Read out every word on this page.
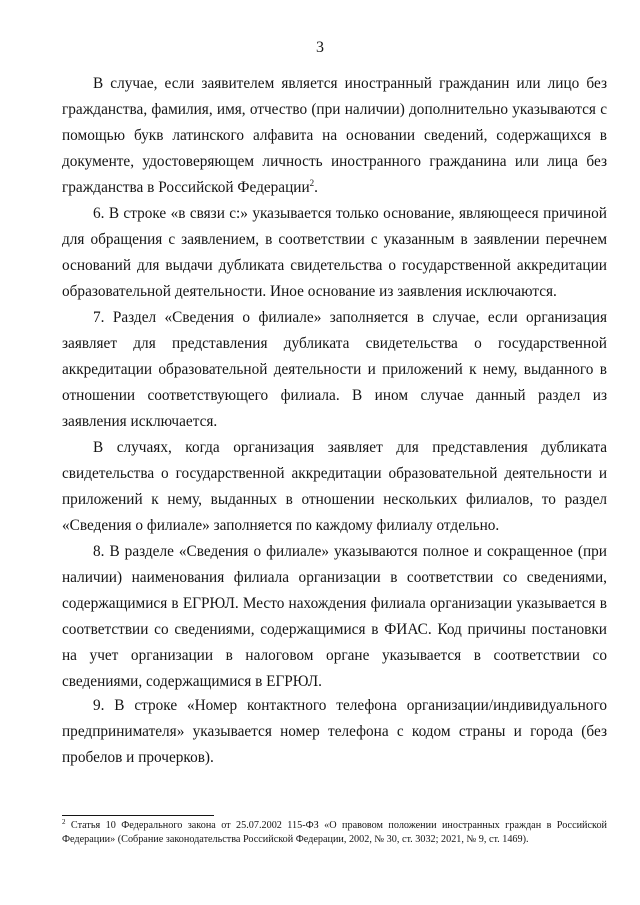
3

В случае, если заявителем является иностранный гражданин или лицо без гражданства, фамилия, имя, отчество (при наличии) дополнительно указываются с помощью букв латинского алфавита на основании сведений, содержащихся в документе, удостоверяющем личность иностранного гражданина или лица без гражданства в Российской Федерации$^2$.

6. В строке «в связи с:» указывается только основание, являющееся причиной для обращения с заявлением, в соответствии с указанным в заявлении перечнем оснований для выдачи дубликата свидетельства о государственной аккредитации образовательной деятельности. Иное основание из заявления исключаются.

7. Раздел «Сведения о филиале» заполняется в случае, если организация заявляет для представления дубликата свидетельства о государственной аккредитации образовательной деятельности и приложений к нему, выданного в отношении соответствующего филиала. В ином случае данный раздел из заявления исключается.

В случаях, когда организация заявляет для представления дубликата свидетельства о государственной аккредитации образовательной деятельности и приложений к нему, выданных в отношении нескольких филиалов, то раздел «Сведения о филиале» заполняется по каждому филиалу отдельно.

8. В разделе «Сведения о филиале» указываются полное и сокращенное (при наличии) наименования филиала организации в соответствии со сведениями, содержащимися в ЕГРЮЛ. Место нахождения филиала организации указывается в соответствии со сведениями, содержащимися в ФИАС. Код причины постановки на учет организации в налоговом органе указывается в соответствии со сведениями, содержащимися в ЕГРЮЛ.

9. В строке «Номер контактного телефона организации/индивидуального предпринимателя» указывается номер телефона с кодом страны и города (без пробелов и прочерков).

$^2$ Статья 10 Федерального закона от 25.07.2002 115-ФЗ «О правовом положении иностранных граждан в Российской Федерации» (Собрание законодательства Российской Федерации, 2002, № 30, ст. 3032; 2021, № 9, ст. 1469).
